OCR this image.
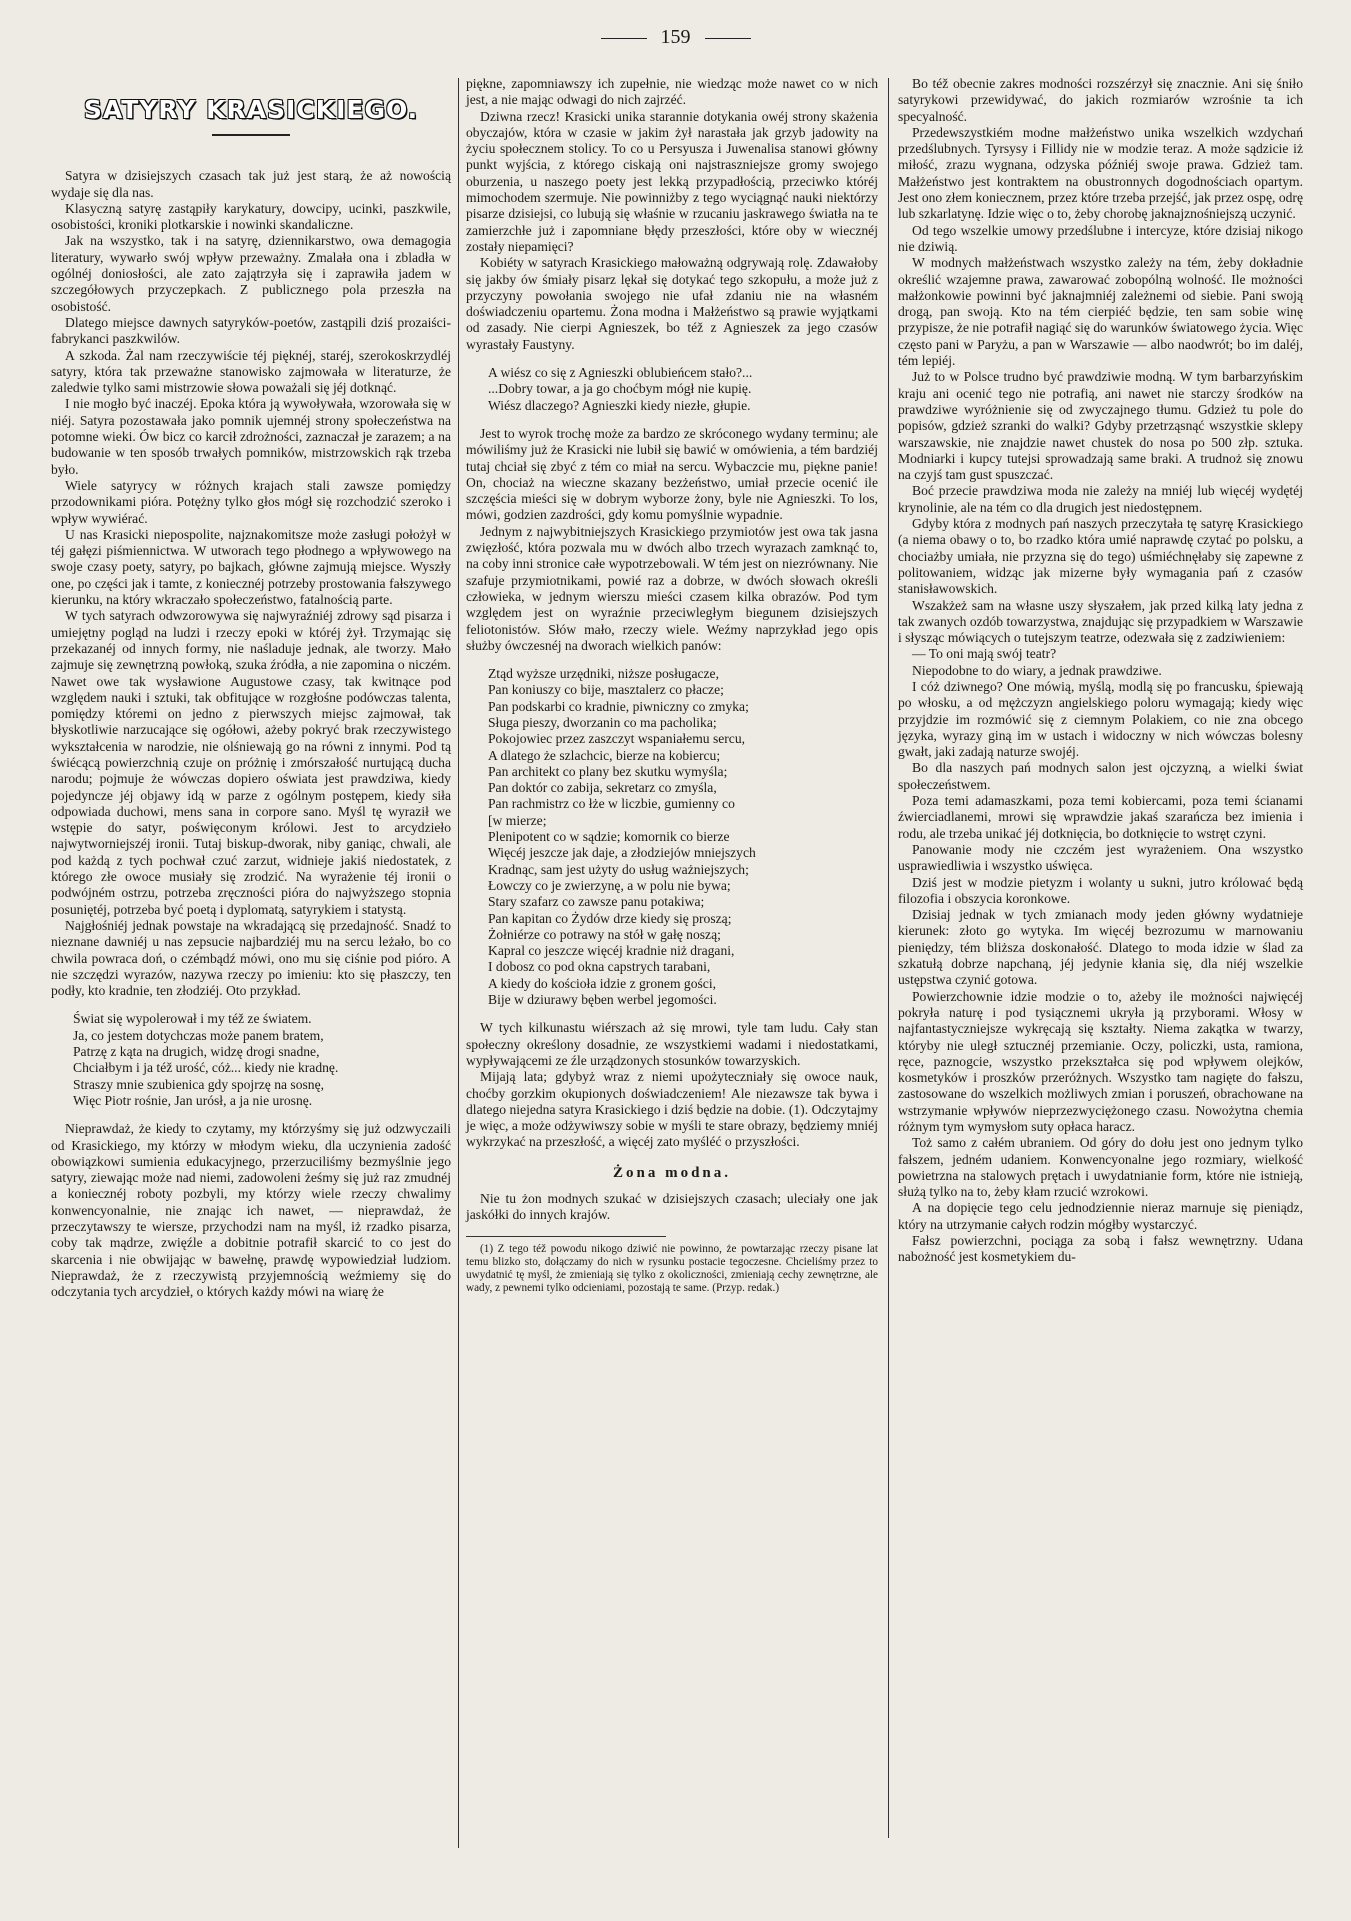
159
SATYRY KRASICKIEGO.

Satyra w dzisiejszych czasach tak już jest starą, że aż nowością wydaje się dla nas.

Klasyczną satyrę zastąpiły karykatury, dowcipy, ucinki, paszkwile, osobistości, kroniki plotkarskie i nowinki skandaliczne.

Jak na wszystko, tak i na satyrę, dziennikarstwo, owa demagogia literatury, wywarło swój wpływ przeważny. Zmalała ona i zbladła w ogólnéj doniosłości, ale zato zajątrzyła się i zaprawiła jadem w szczegółowych przyczepkach. Z publicznego pola przeszła na osobistość.

Dlatego miejsce dawnych satyryków-poetów, zastąpili dziś prozaiści-fabrykanci paszkwilów.

A szkoda. Żal nam rzeczywiście téj pięknéj, staréj, szerokoskrzydléj satyry, która tak przeważne stanowisko zajmowała w literaturze, że zaledwie tylko sami mistrzowie słowa poważali się jéj dotknąć.

I nie mogło być inaczéj. Epoka która ją wywoływała, wzorowała się w niéj. Satyra pozostawała jako pomnik ujemnéj strony społeczeństwa na potomne wieki. Ów bicz co karcił zdrożności, zaznaczał je zarazem; a na budowanie w ten sposób trwałych pomników, mistrzowskich rąk trzeba było.

Wiele satyrycy w różnych krajach stali zawsze pomiędzy przodownikami pióra. Potężny tylko głos mógł się rozchodzić szeroko i wpływ wywiérać.

U nas Krasicki niepospolite, najznakomitsze może zasługi położył w téj gałęzi piśmiennictwa. W utworach tego płodnego a wpływowego na swoje czasy poety, satyry, po bajkach, główne zajmują miejsce. Wyszły one, po części jak i tamte, z koniecznéj potrzeby prostowania fałszywego kierunku, na który wkraczało społeczeństwo, fatalnością parte.

W tych satyrach odwzorowywa się najwyraźniéj zdrowy sąd pisarza i umiejętny pogląd na ludzi i rzeczy epoki w któréj żył. Trzymając się przekazanéj od innych formy, nie naśladuje jednak, ale tworzy. Mało zajmuje się zewnętrzną powłoką, szuka źródła, a nie zapomina o niczém. Nawet owe tak wysławione Augustowe czasy, tak kwitnące pod względem nauki i sztuki, tak obfitujące w rozgłośne podówczas talenta, pomiędzy któremi on jedno z pierwszych miejsc zajmował, tak błyskotliwie narzucające się ogółowi, ażeby pokryć brak rzeczywistego wykształcenia w narodzie, nie olśniewają go na równi z innymi. Pod tą świécącą powierzchnią czuje on próżnię i zmórszałość nurtującą ducha narodu; pojmuje że wówczas dopiero oświata jest prawdziwa, kiedy pojedyncze jéj objawy idą w parze z ogólnym postępem, kiedy siła odpowiada duchowi, mens sana in corpore sano. Myśl tę wyraził we wstępie do satyr, poświęconym królowi. Jest to arcydzieło najwytworniejszéj ironii. Tutaj biskup-dworak, niby ganiąc, chwali, ale pod każdą z tych pochwał czuć zarzut, widnieje jakiś niedostatek, z którego złe owoce musiały się zrodzić. Na wyrażenie téj ironii o podwójném ostrzu, potrzeba zręczności pióra do najwyższego stopnia posuniętéj, potrzeba być poetą i dyplomatą, satyrykiem i statystą.

Najgłośniéj jednak powstaje na wkradającą się przedajność. Snadź to nieznane dawniéj u nas zepsucie najbardziéj mu na sercu leżało, bo co chwila powraca doń, o czémbądź mówi, ono mu się ciśnie pod pióro. A nie szczędzi wyrazów, nazywa rzeczy po imieniu: kto się płaszczy, ten podły, kto kradnie, ten złodziéj. Oto przykład.

Świat się wypolerował i my též ze światem.
Ja, co jestem dotychczas może panem bratem,
Patrzę z kąta na drugich, widzę drogi snadne,
Chciałbym i ja též urość, cóż... kiedy nie kradnę.
Straszy mnie szubienica gdy spojrzę na sosnę,
Więc Piotr rośnie, Jan urósł, a ja nie urosnę.

Nieprawdaż, że kiedy to czytamy, my którzyśmy się już odzwyczaili od Krasickiego, my którzy w młodym wieku, dla uczynienia zadość obowiązkowi sumienia edukacyjnego, przerzuciliśmy bezmyślnie jego satyry, ziewając może nad niemi, zadowoleni żeśmy się już raz zmudnéj a koniecznéj roboty pozbyli, my którzy wiele rzeczy chwalimy konwencyonalnie, nie znając ich nawet, — nieprawdaż, że przeczytawszy te wiersze, przychodzi nam na myśl, iż rzadko pisarza, coby tak mądrze, zwięźle a dobitnie potrafił skarcić to co jest do skarcenia i nie obwijając w bawełnę, prawdę wypowiedział ludziom. Nieprawdaż, że z rzeczywistą przyjemnością weźmiemy się do odczytania tych arcydzieł, o których każdy mówi na wiarę że

piękne, zapomniawszy ich zupełnie, nie wiedząc może nawet co w nich jest, a nie mając odwagi do nich zajrzéć.

Dziwna rzecz! Krasicki unika starannie dotykania owéj strony skażenia obyczajów, która w czasie w jakim żył narastała jak grzyb jadowity na życiu społecznem stolicy. To co u Persyusza i Juwenalisa stanowi główny punkt wyjścia, z którego ciskają oni najstraszniejsze gromy swojego oburzenia, u naszego poety jest lekką przypadłością, przeciwko któréj mimochodem szermuje. Nie powinniżby z tego wyciągnąć nauki niektórzy pisarze dzisiejsi, co lubują się właśnie w rzucaniu jaskrawego światła na te zamierzchłe już i zapomniane błędy przeszłości, które oby w wiecznéj zostały niepamięci?

Kobiéty w satyrach Krasickiego małoważną odgrywają rolę. Zdawałoby się jakby ów śmiały pisarz lękał się dotykać tego szkopułu, a może już z przyczyny powołania swojego nie ufał zdaniu nie na własném doświadczeniu opartemu. Żona modna i Małżeństwo są prawie wyjątkami od zasady. Nie cierpi Agnieszek, bo též z Agnieszek za jego czasów wyrastały Faustyny.

A wiész co się z Agnieszki oblubieńcem stało?...
...Dobry towar, a ja go choćbym mógł nie kupię.
Wiész dlaczego? Agnieszki kiedy niezłe, głupie.

Jest to wyrok trochę może za bardzo ze skróconego wydany terminu; ale mówiliśmy już że Krasicki nie lubił się bawić w omówienia, a tém bardziéj tutaj chciał się zbyć z tém co miał na sercu. Wybaczcie mu, piękne panie! On, chociaż na wieczne skazany bezżeństwo, umiał przecie ocenić ile szczęścia mieści się w dobrym wyborze żony, byle nie Agnieszki. To los, mówi, godzien zazdrości, gdy komu pomyślnie wypadnie.

Jednym z najwybitniejszych Krasickiego przymiotów jest owa tak jasna zwięzłość, która pozwala mu w dwóch albo trzech wyrazach zamknąć to, na coby inni stronice całe wypotrzebowali. W tém jest on niezrównany. Nie szafuje przymiotnikami, powié raz a dobrze, w dwóch słowach określi człowieka, w jednym wierszu mieści czasem kilka obrazów. Pod tym względem jest on wyraźnie przeciwległym biegunem dzisiejszych feliotonistów. Słów mało, rzeczy wiele. Weźmy naprzykład jego opis służby ówczesnéj na dworach wielkich panów:

Ztąd wyższe urzędniki, niższe posługacze,
Pan koniuszy co bije, masztalerz co płacze;
Pan podskarbi co kradnie, piwniczny co zmyka;
Sługa pieszy, dworzanin co ma pacholika;
Pokojowiec przez zaszczyt wspaniałemu sercu,
A dlatego że szlachcic, bierze na kobiercu;
Pan architekt co plany bez skutku wymyśla;
Pan doktór co zabija, sekretarz co zmyśla,
Pan rachmistrz co łże w liczbie, gumienny co
[w mierze;
Plenipotent co w sądzie; komornik co bierze
Więcéj jeszcze jak daje, a złodziejów mniejszych
Kradnąc, sam jest użyty do usług ważniejszych;
Łowczy co je zwierzynę, a w polu nie bywa;
Stary szafarz co zawsze panu potakiwa;
Pan kapitan co Żydów drze kiedy się proszą;
Żołniérze co potrawy na stół w gałę noszą;
Kapral co jeszcze więcéj kradnie niż dragani,
I dobosz co pod okna capstrych tarabani,
A kiedy do kościoła idzie z gronem gości,
Bije w dziurawy bęben werbel jegomości.

W tych kilkunastu wiérszach aż się mrowi, tyle tam ludu. Cały stan społeczny określony dosadnie, ze wszystkiemi wadami i niedostatkami, wypływającemi ze źle urządzonych stosunków towarzyskich.

Mijają lata; gdybyż wraz z niemi upożyteczniały się owoce nauk, choćby gorzkim okupionych doświadczeniem! Ale niezawsze tak bywa i dlatego niejedna satyra Krasickiego i dziś będzie na dobie. (1). Odczytajmy je więc, a może odżywiwszy sobie w myśli te stare obrazy, będziemy mniéj wykrzykać na przeszłość, a więcéj zato myśléć o przyszłości.

Żona modna.

Nie tu żon modnych szukać w dzisiejszych czasach; uleciały one jak jaskółki do innych krajów.

(1) Z tego též powodu nikogo dziwić nie powinno, że powtarzając rzeczy pisane lat temu blizko sto, dołączamy do nich w rysunku postacie tegoczesne. Chcieliśmy przez to uwydatnić tę myśl, że zmieniają się tylko z okoliczności, zmieniają cechy zewnętrzne, ale wady, z pewnemi tylko odcieniami, pozostają te same. (Przyp. redak.)

Bo též obecnie zakres modności rozszérzył się znacznie. Ani się śniło satyrykowi przewidywać, do jakich rozmiarów wzrośnie ta ich specyalność.

Przedewszystkiém modne małżeństwo unika wszelkich wzdychań przedślubnych. Tyrsysy i Fillidy nie w modzie teraz. A może sądzicie iż miłość, zrazu wygnana, odzyska późniéj swoje prawa. Gdzież tam. Małżeństwo jest kontraktem na obustronnych dogodnościach opartym. Jest ono złem koniecznem, przez które trzeba przejść, jak przez ospę, odrę lub szkarlatynę. Idzie więc o to, żeby chorobę jaknajznośniejszą uczynić.

Od tego wszelkie umowy przedślubne i intercyze, które dzisiaj nikogo nie dziwią.

W modnych małżeństwach wszystko zależy na tém, żeby dokładnie określić wzajemne prawa, zawarować zobopólną wolność. Ile możności małżonkowie powinni być jaknajmniéj zależnemi od siebie. Pani swoją drogą, pan swoją. Kto na tém cierpiéć będzie, ten sam sobie winę przypisze, że nie potrafił nagiąć się do warunków światowego życia. Więc często pani w Paryżu, a pan w Warszawie — albo naodwrót; bo im daléj, tém lepiéj.

Już to w Polsce trudno być prawdziwie modną. W tym barbarzyńskim kraju ani ocenić tego nie potrafią, ani nawet nie starczy środków na prawdziwe wyróżnienie się od zwyczajnego tłumu. Gdzież tu pole do popisów, gdzież szranki do walki? Gdyby przetrząsnąć wszystkie sklepy warszawskie, nie znajdzie nawet chustek do nosa po 500 złp. sztuka. Modniarki i kupcy tutejsi sprowadzają same braki. A trudnoż się znowu na czyjś tam gust spuszczać.

Boć przecie prawdziwa moda nie zależy na mniéj lub więcéj wydętéj krynolinie, ale na tém co dla drugich jest niedostępnem.

Gdyby która z modnych pań naszych przeczytała tę satyrę Krasickiego (a niema obawy o to, bo rzadko która umié naprawdę czytać po polsku, a chociażby umiała, nie przyzna się do tego) uśmiéchnęłaby się zapewne z politowaniem, widząc jak mizerne były wymagania pań z czasów stanisławowskich.

Wszakżeż sam na własne uszy słyszałem, jak przed kilką laty jedna z tak zwanych ozdób towarzystwa, znajdując się przypadkiem w Warszawie i słysząc mówiących o tutejszym teatrze, odezwała się z zadziwieniem:

— To oni mają swój teatr?

Niepodobne to do wiary, a jednak prawdziwe.

I cóż dziwnego? One mówią, myślą, modlą się po francusku, śpiewają po włosku, a od mężczyzn angielskiego poloru wymagają; kiedy więc przyjdzie im rozmówić się z ciemnym Polakiem, co nie zna obcego języka, wyrazy giną im w ustach i widoczny w nich wówczas bolesny gwałt, jaki zadają naturze swojéj.

Bo dla naszych pań modnych salon jest ojczyzną, a wielki świat społeczeństwem.

Poza temi adamaszkami, poza temi kobiercami, poza temi ścianami źwierciadlanemi, mrowi się wprawdzie jakaś szarańcza bez imienia i rodu, ale trzeba unikać jéj dotknięcia, bo dotknięcie to wstręt czyni.

Panowanie mody nie czczém jest wyrażeniem. Ona wszystko usprawiedliwia i wszystko uświęca.

Dziś jest w modzie pietyzm i wolanty u sukni, jutro królować będą filozofia i obszycia koronkowe.

Dzisiaj jednak w tych zmianach mody jeden główny wydatnieje kierunek: złoto go wytyka. Im więcéj bezrozumu w marnowaniu pieniędzy, tém bliższa doskonałość. Dlatego to moda idzie w ślad za szkatułą dobrze napchaną, jéj jedynie kłania się, dla niéj wszelkie ustępstwa czynić gotowa.

Powierzchownie idzie modzie o to, ażeby ile możności najwięcéj pokryła naturę i pod tysiącznemi ukryła ją przyborami. Włosy w najfantastyczniejsze wykręcają się kształty. Niema zakątka w twarzy, któryby nie uległ sztucznéj przemianie. Oczy, policzki, usta, ramiona, ręce, paznogcie, wszystko przekształca się pod wpływem olejków, kosmetyków i proszków przeróżnych. Wszystko tam nagięte do fałszu, zastosowane do wszelkich możliwych zmian i poruszeń, obrachowane na wstrzymanie wpływów nieprzezwyciężonego czasu. Nowożytna chemia różnym tym wymysłom suty opłaca haracz.

Toż samo z całém ubraniem. Od góry do dołu jest ono jednym tylko fałszem, jedném udaniem. Konwencyonalne jego rozmiary, wielkość powietrzna na stalowych prętach i uwydatnianie form, które nie istnieją, służą tylko na to, żeby kłam rzucić wzrokowi.

A na dopięcie tego celu jednodziennie nieraz marnuje się pieniądz, który na utrzymanie całych rodzin mógłby wystarczyć.

Fałsz powierzchni, pociąga za sobą i fałsz wewnętrzny. Udana nabożność jest kosmetykiem du-
